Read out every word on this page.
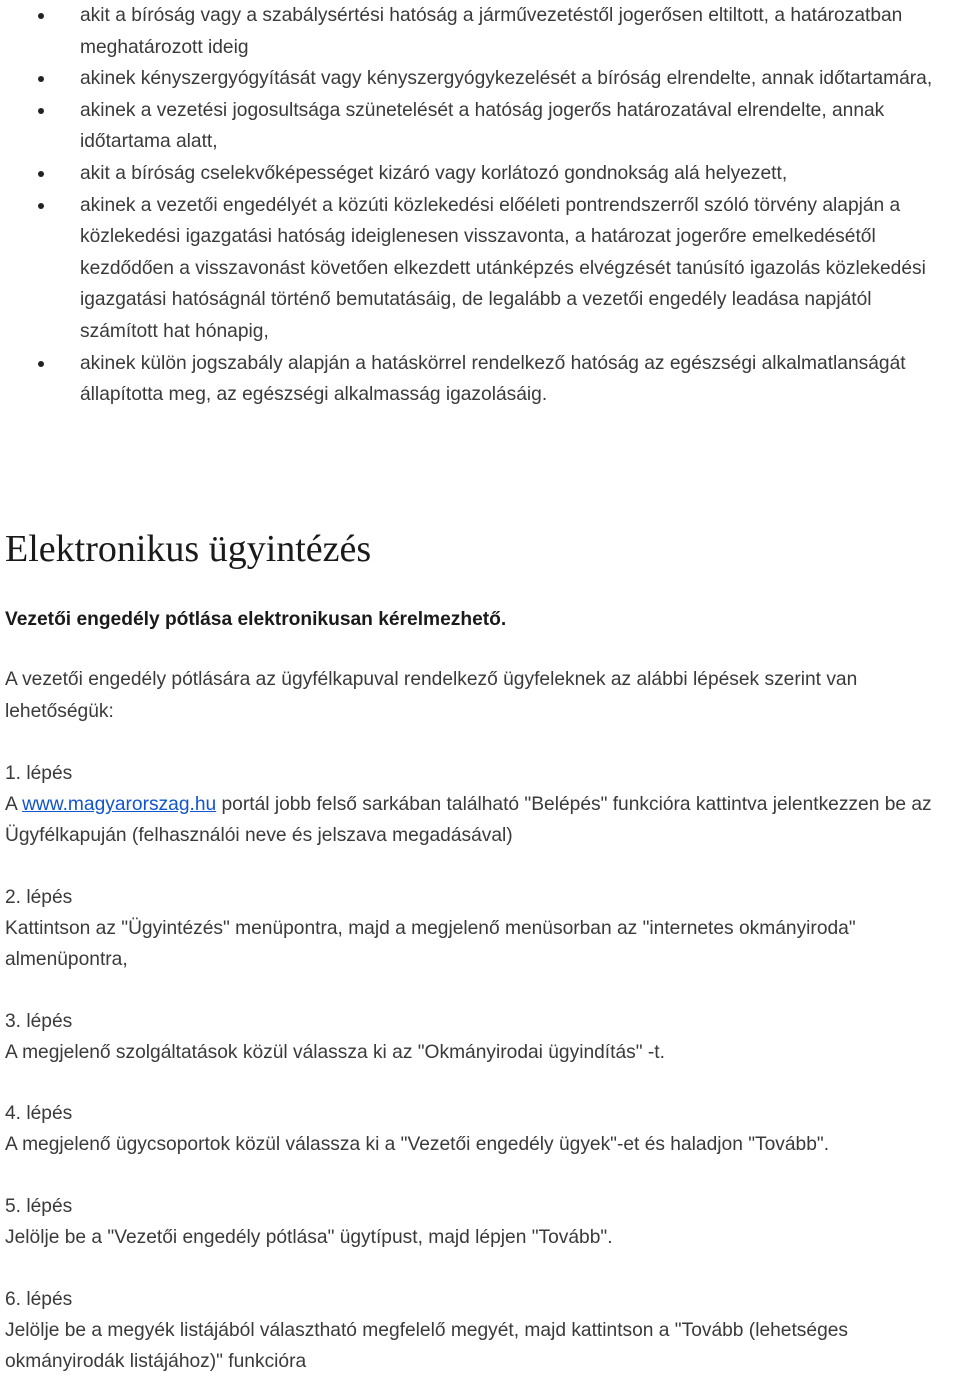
akit a bíróság vagy a szabálysértési hatóság a járművezetéstől jogerősen eltiltott, a határozatban meghatározott ideig
akinek kényszergyógyítását vagy kényszergyógykezelését a bíróság elrendelte, annak időtartamára,
akinek a vezetési jogosultsága szünetelését a hatóság jogerős határozatával elrendelte, annak időtartama alatt,
akit a bíróság cselekvőképességet kizáró vagy korlátozó gondnokság alá helyezett,
akinek a vezetői engedélyét a közúti közlekedési előéleti pontrendszerről szóló törvény alapján a közlekedési igazgatási hatóság ideiglenesen visszavonta, a határozat jogerőre emelkedésétől kezdődően a visszavonást követően elkezdett utánképzés elvégzését tanúsító igazolás közlekedési igazgatási hatóságnál történő bemutatásáig, de legalább a vezetői engedély leadása napjától számított hat hónapig,
akinek külön jogszabály alapján a hatáskörrel rendelkező hatóság az egészségi alkalmatlanságát állapította meg, az egészségi alkalmasság igazolásáig.
Elektronikus ügyintézés

Vezetői engedély pótlása elektronikusan kérelmezhető.

A vezetői engedély pótlására az ügyfélkapuval rendelkező ügyfeleknek az alábbi lépések szerint van lehetőségük:

1. lépés
A www.magyarorszag.hu portál jobb felső sarkában található "Belépés" funkcióra kattintva jelentkezzen be az Ügyfélkapuján (felhasználói neve és jelszava megadásával)
2. lépés
Kattintson az "Ügyintézés" menüpontra, majd a megjelenő menüsorban az "internetes okmányiroda" almenüpontra,
3. lépés
A megjelenő szolgáltatások közül válassza ki az "Okmányirodai ügyindítás" -t.
4. lépés
A megjelenő ügycsoportok közül válassza ki a "Vezetői engedély ügyek"-et és haladjon "Tovább".
5. lépés
Jelölje be a "Vezetői engedély pótlása" ügytípust, majd lépjen "Tovább".
6. lépés
Jelölje be a megyék listájából választható megfelelő megyét, majd kattintson a "Tovább (lehetséges okmányirodák listájához)" funkcióra
